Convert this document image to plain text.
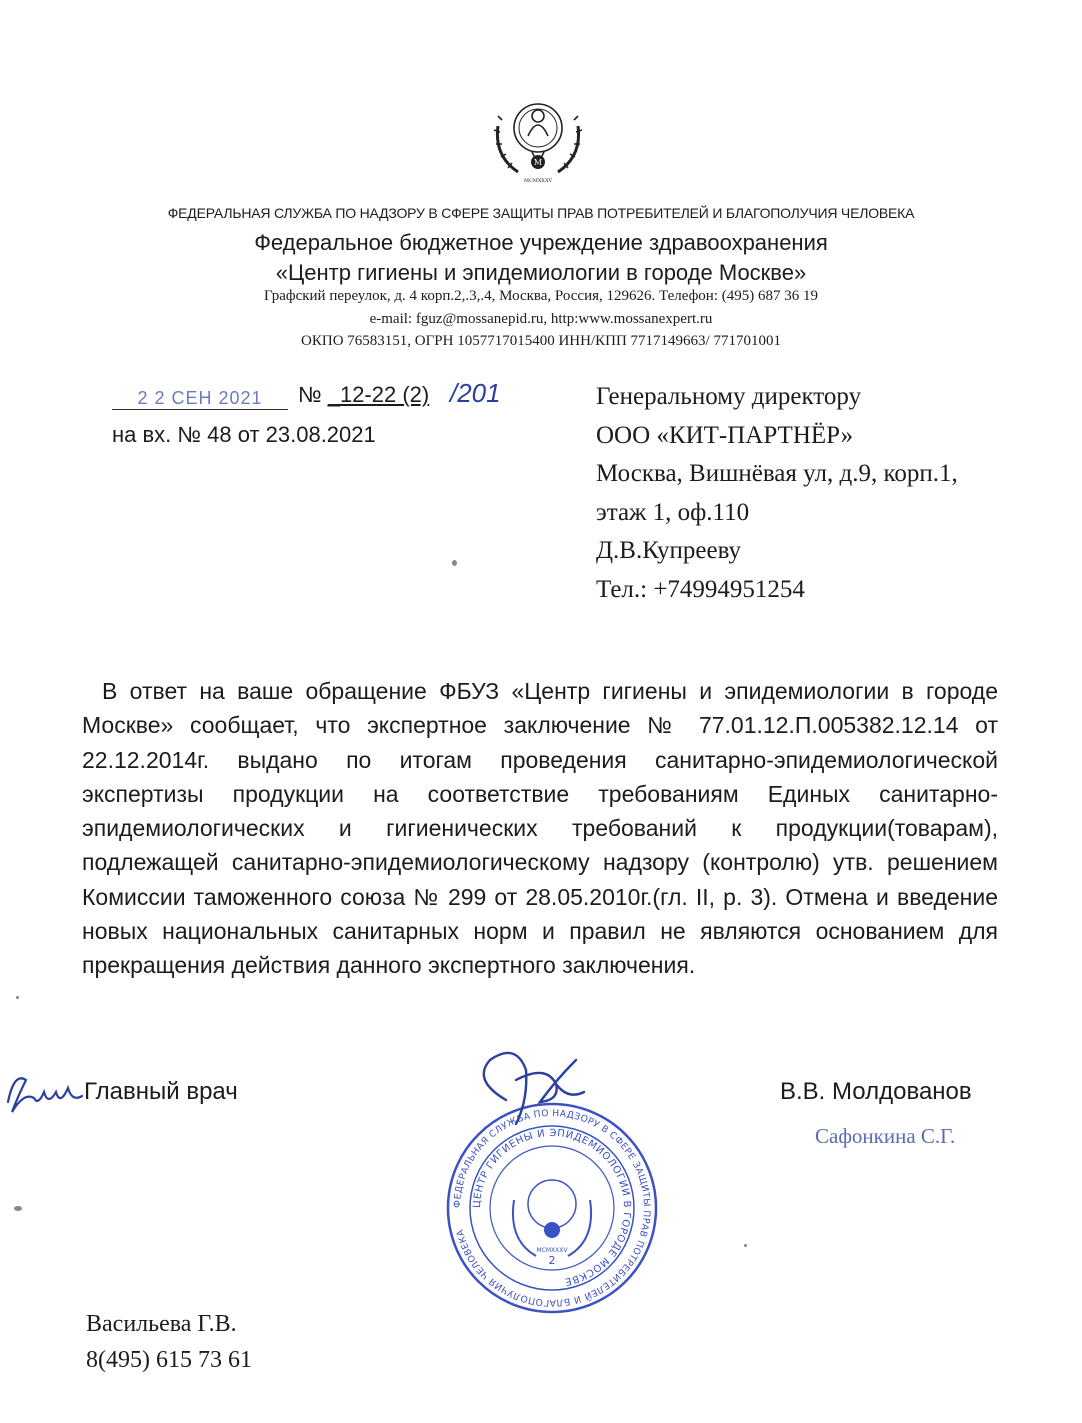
M
MCMXXXV
ФЕДЕРАЛЬНАЯ СЛУЖБА ПО НАДЗОРУ В СФЕРЕ ЗАЩИТЫ ПРАВ ПОТРЕБИТЕЛЕЙ И БЛАГОПОЛУЧИЯ ЧЕЛОВЕКА
Федеральное бюджетное учреждение здравоохранения
«Центр гигиены и эпидемиологии в городе Москве»
Графский переулок, д. 4 корп.2,.3,.4, Москва, Россия, 129626. Телефон: (495) 687 36 19
e-mail: fguz@mossanepid.ru, http:www.mossanexpert.ru
ОКПО 76583151, ОГРН 1057717015400 ИНН/КПП 7717149663/ 771701001
2 2 СЕН 2021	№ _12-22 (2) /201
на вх. № 48 от 23.08.2021
Генеральному директору
ООО «КИТ-ПАРТНЁР»
Москва, Вишнёвая ул, д.9, корп.1,
этаж 1, оф.110
Д.В.Купрееву
Тел.: +74994951254
В ответ на ваше обращение ФБУЗ «Центр гигиены и эпидемиологии в городе Москве» сообщает, что экспертное заключение № 77.01.12.П.005382.12.14 от 22.12.2014г. выдано по итогам проведения санитарно-эпидемиологической экспертизы продукции на соответствие требованиям Единых санитарно-эпидемиологических и гигиенических требований к продукции(товарам), подлежащей санитарно-эпидемиологическому надзору (контролю) утв. решением Комиссии таможенного союза № 299 от 28.05.2010г.(гл. II, р. 3). Отмена и введение новых национальных санитарных норм и правил не являются основанием для прекращения действия данного экспертного заключения.
Главный врач
ФЕДЕРАЛЬНАЯ СЛУЖБА ПО НАДЗОРУ В СФЕРЕ ЗАЩИТЫ ПРАВ ПОТРЕБИТЕЛЕЙ И БЛАГОПОЛУЧИЯ ЧЕЛОВЕКА
ЦЕНТР ГИГИЕНЫ И ЭПИДЕМИОЛОГИИ В ГОРОДЕ МОСКВЕ
MCMXXXV
2
В.В. Молдованов
Сафонкина С.Г.
Васильева Г.В.
8(495) 615 73 61
